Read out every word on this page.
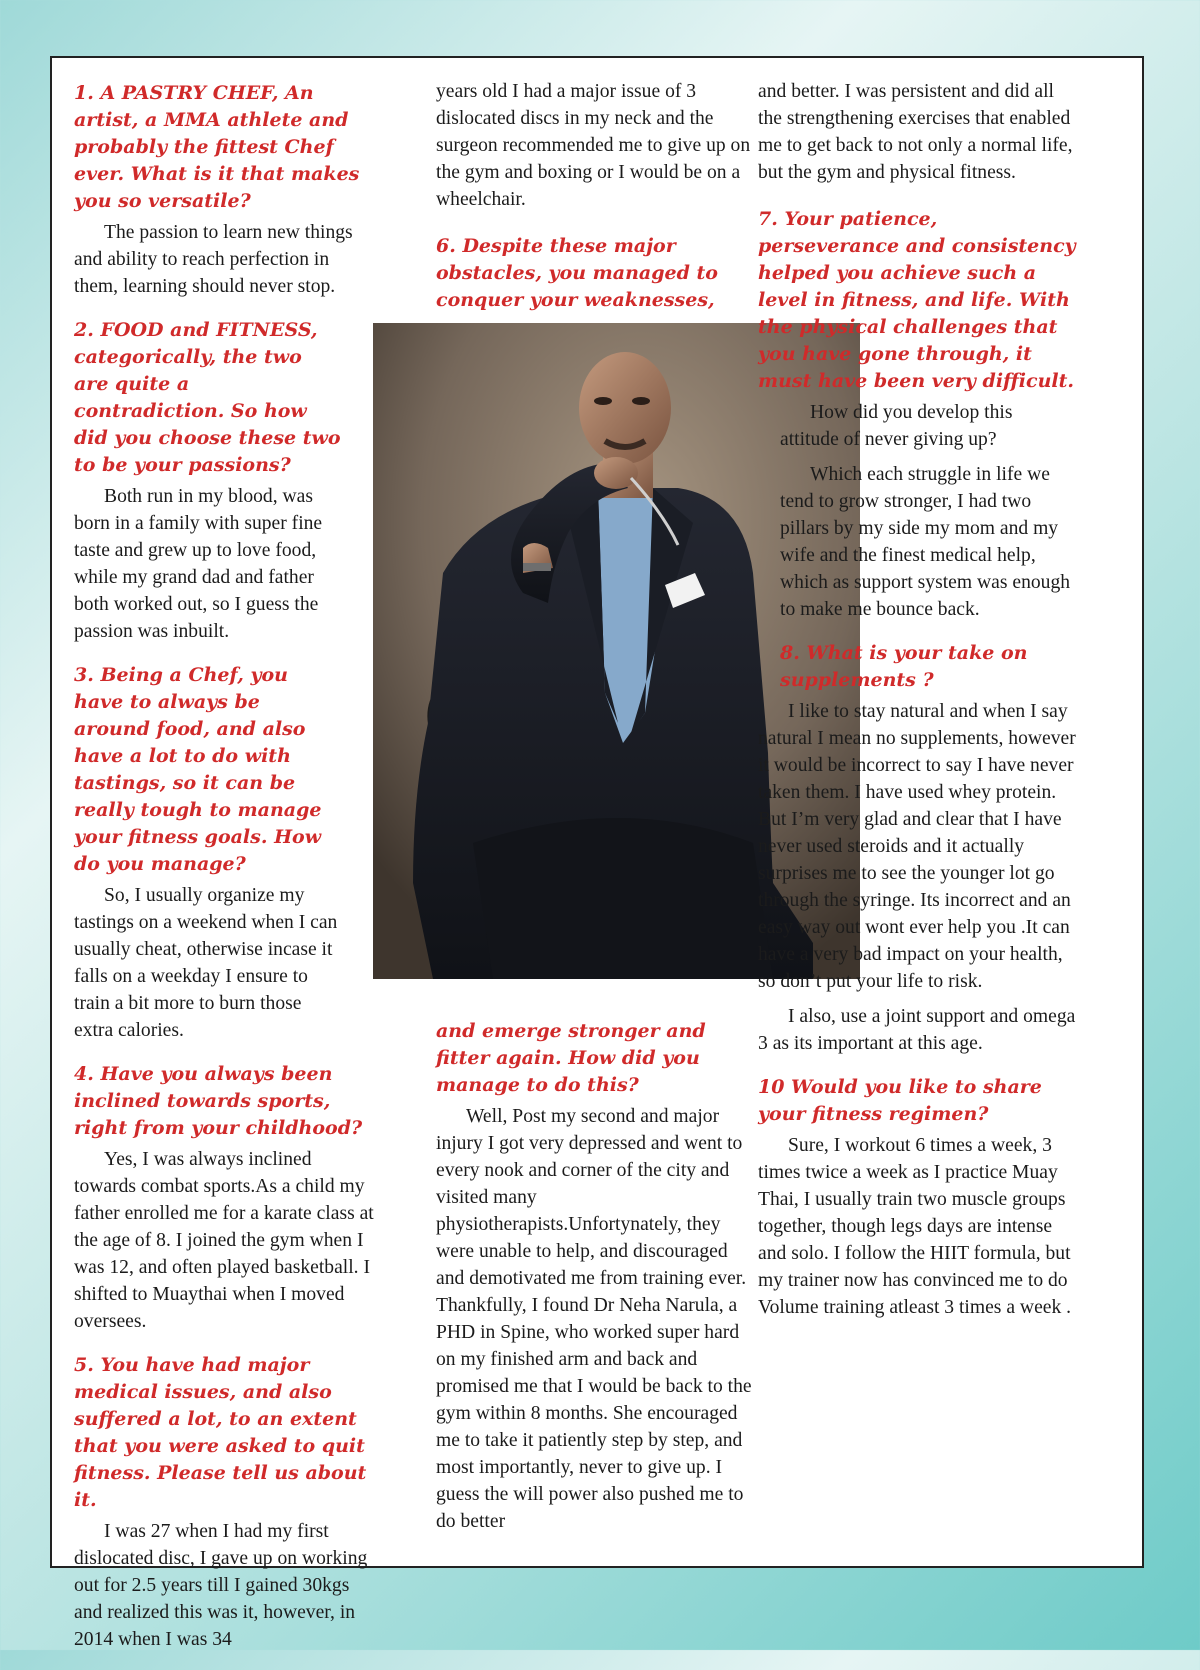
1. A PASTRY CHEF, An artist, a MMA athlete and probably the fittest Chef ever. What is it that makes you so versatile?

The passion to learn new things and ability to reach perfection in them, learning should never stop.

2. FOOD and FITNESS, categorically, the two are quite a contradiction. So how did you choose these two to be your passions?

Both run in my blood, was born in a family with super fine taste and grew up to love food, while my grand dad and father both worked out, so I guess the passion was inbuilt.

3. Being a Chef, you have to always be around food, and also have a lot to do with tastings, so it can be really tough to manage your fitness goals. How do you manage?

So, I usually organize my tastings on a weekend when I can usually cheat, otherwise incase it falls on a weekday I ensure to train a bit more to burn those extra calories.

4. Have you always been inclined towards sports, right from your childhood?

Yes, I was always inclined towards combat sports.As a child my father enrolled me for a karate class at the age of 8. I joined the gym when I was 12, and often played basketball. I shifted to Muaythai when I moved oversees.

5. You have had major medical issues, and also suffered a lot, to an extent that you were asked to quit fitness. Please tell us about it.

I was 27 when I had my first dislocated disc, I gave up on working out for 2.5 years till I gained 30kgs and realized this was it, however, in 2014 when I was 34

years old I had a major issue of 3 dislocated discs in my neck and the surgeon recommended me to give up on the gym and boxing or I would be on a wheelchair.

6. Despite these major obstacles, you managed to conquer your weaknesses,

and emerge stronger and fitter again. How did you manage to do this?

Well, Post my second and major injury I got very depressed and went to every nook and corner of the city and visited many physiotherapists.Unfortynately, they were unable to help, and discouraged and demotivated me from training ever. Thankfully, I found Dr Neha Narula, a PHD in Spine, who worked super hard on my finished arm and back and promised me that I would be back to the gym within 8 months. She encouraged me to take it patiently step by step, and most importantly, never to give up. I guess the will power also pushed me to do better

and better. I was persistent and did all the strengthening exercises that enabled me to get back to not only a normal life, but the gym and physical fitness.

7. Your patience, perseverance and consistency helped you achieve such a level in fitness, and life. With the physical challenges that you have gone through, it must have been very difficult.

How did you develop this attitude of never giving up?

Which each struggle in life we tend to grow stronger, I had two pillars by my side my mom and my wife and the finest medical help, which as support system was enough to make me bounce back.

8. What is your take on supplements ?

I like to stay natural and when I say natural I mean no supplements, however it would be incorrect to say I have never taken them. I have used whey protein. But I’m very glad and clear that I have never used steroids and it actually surprises me to see the younger lot go through the syringe. Its incorrect and an easy way out wont ever help you .It can have a very bad impact on your health, so don’t put your life to risk.

I also, use a joint support and omega 3 as its important at this age.

10 Would you like to share your fitness regimen?

Sure, I workout 6 times a week, 3 times twice a week as I practice Muay Thai, I usually train two muscle groups together, though legs days are intense and solo. I follow the HIIT formula, but my trainer now has convinced me to do Volume training atleast 3 times a week .
